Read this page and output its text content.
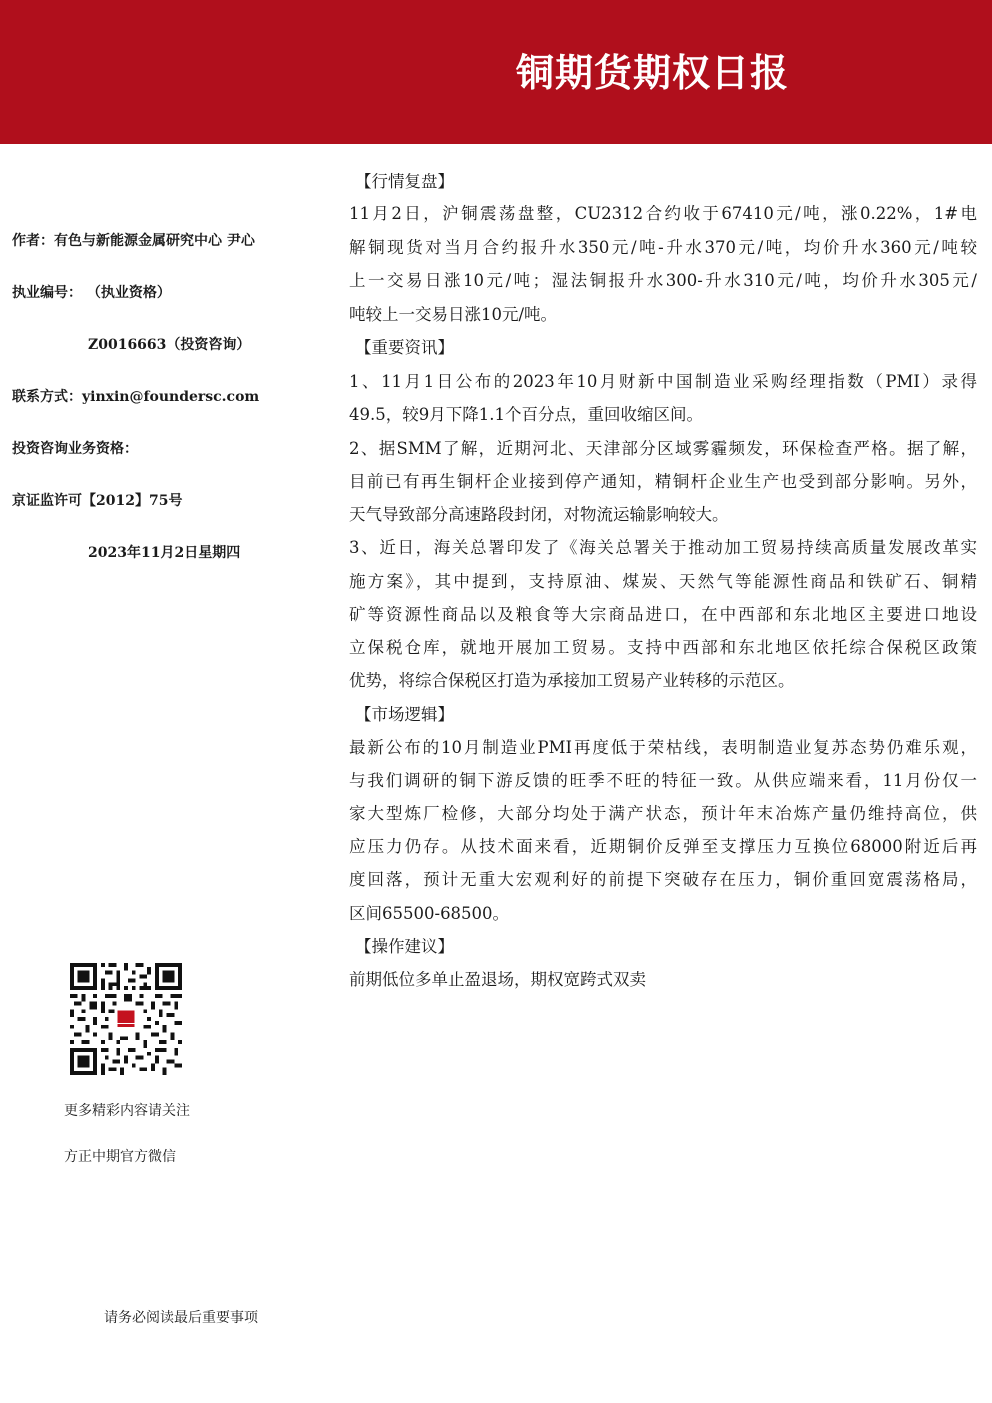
铜期货期权日报
作者：有色与新能源金属研究中心 尹心
执业编号： （执业资格）
Z0016663（投资咨询）
联系方式：yinxin@foundersc.com
投资咨询业务资格：
京证监许可【2012】75号
2023年11月2日星期四
更多精彩内容请关注
方正中期官方微信
请务必阅读最后重要事项
【行情复盘】
11月2日，沪铜震荡盘整，CU2312合约收于67410元/吨，涨0.22%，1#电
解铜现货对当月合约报升水350元/吨-升水370元/吨，均价升水360元/吨较
上一交易日涨10元/吨；湿法铜报升水300-升水310元/吨，均价升水305元/
吨较上一交易日涨10元/吨。
【重要资讯】
1、11月1日公布的2023年10月财新中国制造业采购经理指数（PMI）录得
49.5，较9月下降1.1个百分点，重回收缩区间。
2、据SMM了解，近期河北、天津部分区域雾霾频发，环保检查严格。据了解，
目前已有再生铜杆企业接到停产通知，精铜杆企业生产也受到部分影响。另外，
天气导致部分高速路段封闭，对物流运输影响较大。
3、近日，海关总署印发了《海关总署关于推动加工贸易持续高质量发展改革实
施方案》，其中提到，支持原油、煤炭、天然气等能源性商品和铁矿石、铜精
矿等资源性商品以及粮食等大宗商品进口，在中西部和东北地区主要进口地设
立保税仓库，就地开展加工贸易。支持中西部和东北地区依托综合保税区政策
优势，将综合保税区打造为承接加工贸易产业转移的示范区。
【市场逻辑】
最新公布的10月制造业PMI再度低于荣枯线，表明制造业复苏态势仍难乐观，
与我们调研的铜下游反馈的旺季不旺的特征一致。从供应端来看，11月份仅一
家大型炼厂检修，大部分均处于满产状态，预计年末冶炼产量仍维持高位，供
应压力仍存。从技术面来看，近期铜价反弹至支撑压力互换位68000附近后再
度回落，预计无重大宏观利好的前提下突破存在压力，铜价重回宽震荡格局，
区间65500-68500。
【操作建议】
前期低位多单止盈退场，期权宽跨式双卖
